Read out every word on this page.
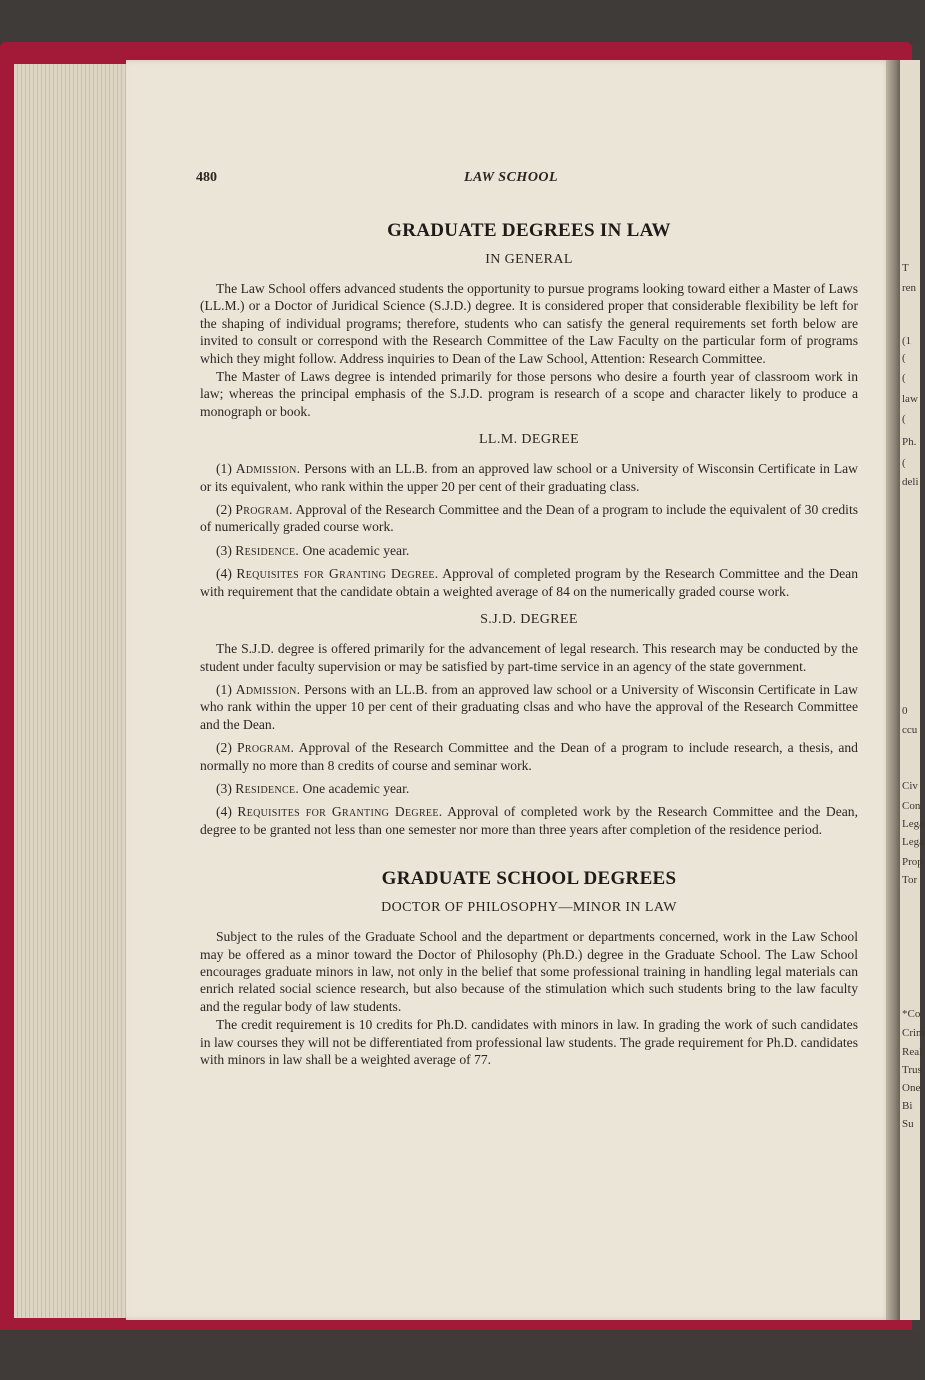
T
ren
(1
(
(
law
(
Ph.
(
deli
0
ccu
Civ
Con
Lega
Lega
Prop
Tor
*Co
Crim
Real
Trus
One
Bi
Su
480	LAW SCHOOL
GRADUATE DEGREES IN LAW
IN GENERAL

The Law School offers advanced students the opportunity to pursue programs looking toward either a Master of Laws (LL.M.) or a Doctor of Juridical Science (S.J.D.) degree. It is considered proper that considerable flexibility be left for the shaping of individual programs; therefore, students who can satisfy the general requirements set forth below are invited to consult or correspond with the Research Committee of the Law Faculty on the particular form of programs which they might follow. Address inquiries to Dean of the Law School, Attention: Research Committee.

The Master of Laws degree is intended primarily for those persons who desire a fourth year of classroom work in law; whereas the principal emphasis of the S.J.D. program is research of a scope and character likely to produce a monograph or book.

LL.M. DEGREE

(1) Admission. Persons with an LL.B. from an approved law school or a University of Wisconsin Certificate in Law or its equivalent, who rank within the upper 20 per cent of their graduating class.

(2) Program. Approval of the Research Committee and the Dean of a program to include the equivalent of 30 credits of numerically graded course work.

(3) Residence. One academic year.

(4) Requisites for Granting Degree. Approval of completed program by the Research Committee and the Dean with requirement that the candidate obtain a weighted average of 84 on the numerically graded course work.

S.J.D. DEGREE

The S.J.D. degree is offered primarily for the advancement of legal research. This research may be conducted by the student under faculty supervision or may be satisfied by part-time service in an agency of the state government.

(1) Admission. Persons with an LL.B. from an approved law school or a University of Wisconsin Certificate in Law who rank within the upper 10 per cent of their graduating clsas and who have the approval of the Research Committee and the Dean.

(2) Program. Approval of the Research Committee and the Dean of a program to include research, a thesis, and normally no more than 8 credits of course and seminar work.

(3) Residence. One academic year.

(4) Requisites for Granting Degree. Approval of completed work by the Research Committee and the Dean, degree to be granted not less than one semester nor more than three years after completion of the residence period.

GRADUATE SCHOOL DEGREES
DOCTOR OF PHILOSOPHY—MINOR IN LAW

Subject to the rules of the Graduate School and the department or departments concerned, work in the Law School may be offered as a minor toward the Doctor of Philosophy (Ph.D.) degree in the Graduate School. The Law School encourages graduate minors in law, not only in the belief that some professional training in handling legal materials can enrich related social science research, but also because of the stimulation which such students bring to the law faculty and the regular body of law students.

The credit requirement is 10 credits for Ph.D. candidates with minors in law. In grading the work of such candidates in law courses they will not be differentiated from professional law students. The grade requirement for Ph.D. candidates with minors in law shall be a weighted average of 77.
